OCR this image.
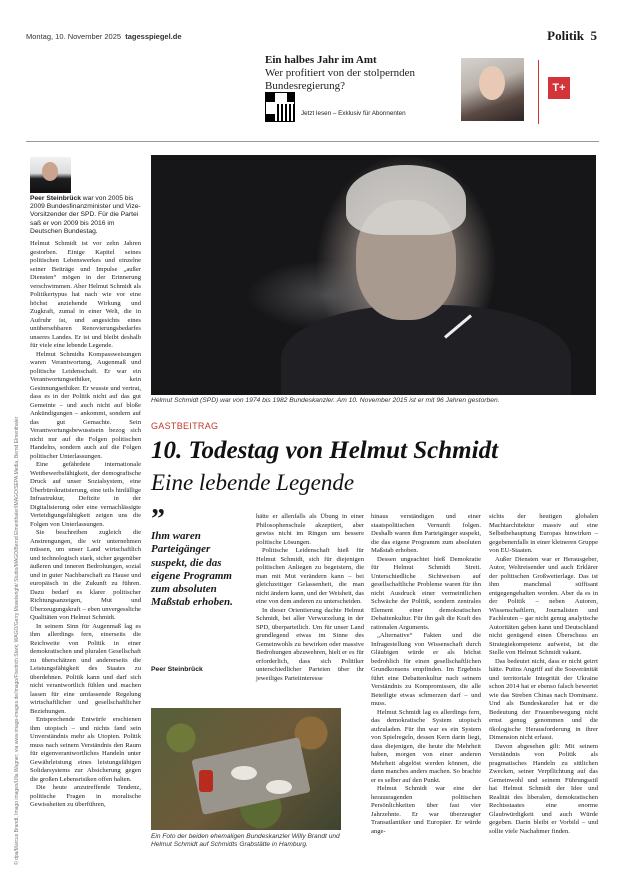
Montag, 10. November 2025 tagesspiegel.de	Politik 5
Ein halbes Jahr im Amt
Wer profitiert von der stolpernden
Bundesregierung?
Jetzt lesen – Exklusiv für Abonnenten
T+
Peer Steinbrück war von 2005 bis 2009 Bundesfinanzminister und Vize-Vorsitzender der SPD. Für die Partei saß er von 2009 bis 2016 im Deutschen Bundestag.

Helmut Schmidt ist vor zehn Jahren gestorben. Einige Kapitel seines politischen Lebenswerkes und einzelne seiner Beiträge und Impulse „außer Diensten“ mögen in der Erinnerung verschwimmen. Aber Helmut Schmidt als Politikertypus hat nach wie vor eine höchst anziehende Wirkung und Zugkraft, zumal in einer Welt, die in Aufruhr ist, und angesichts eines unübersehbaren Renovierungsbedarfes unseres Landes. Er ist und bleibt deshalb für viele eine lebende Legende.

Helmut Schmidts Kompassweisungen waren Verantwortung, Augenmaß und politische Leidenschaft. Er war ein Verantwortungsethiker, kein Gesinnungsethiker. Er wusste und vertrat, dass es in der Politik nicht auf das gut Gemeinte – und auch nicht auf bloße Ankündigungen – ankommt, sondern auf das gut Gemachte. Sein Verantwortungsbewusstsein bezog sich nicht nur auf die Folgen politischen Handelns, sondern auch auf die Folgen politischer Unterlassungen.

Eine gefährdete internationale Wettbewerbsfähigkeit, der demografische Druck auf unser Sozialsystem, eine Überbürokratisierung, eine teils hinfällige Infrastruktur, Defizite in der Digitalisierung oder eine vernachlässigte Verteidigungsfähigkeit zeigen uns die Folgen von Unterlassungen.

Sie beschreiben zugleich die Anstrengungen, die wir unternehmen müssen, um unser Land wirtschaftlich und technologisch stark, sicher gegenüber äußeren und inneren Bedrohungen, sozial und in guter Nachbarschaft zu Hause und europäisch in die Zukunft zu führen. Dazu bedarf es klarer politischer Richtungsanzeigen, Mut und Überzeugungskraft – eben unvergessliche Qualitäten von Helmut Schmidt.

In seinem Sinn für Augenmaß lag es ihm allerdings fern, einerseits die Reichweite von Politik in einer demokratischen und pluralen Gesellschaft zu überschätzen und andererseits die Leistungsfähigkeit des Staates zu überdehnen. Politik kann und darf sich nicht verantwortlich fühlen und machen lassen für eine umfassende Regelung wirtschaftlicher und gesellschaftlicher Beziehungen.

Entsprechende Entwürfe erschienen ihm utopisch – und nichts fand sein Unverständnis mehr als Utopien. Politik muss nach seinem Verständnis den Raum für eigenverantwortliches Handeln unter Gewährleistung eines leistungsfähigen Solidarsystems zur Absicherung gegen die großen Lebensrisiken offen halten.

Die heute anzutreffende Tendenz, politische Fragen in moralische Gewissheiten zu überführen,

Helmut Schmidt (SPD) war von 1974 bis 1982 Bundeskanzler. Am 10. November 2015 ist er mit 96 Jahren gestorben.
GASTBEITRAG
10. Todestag von Helmut Schmidt
Eine lebende Legende
”
Ihm waren Parteigänger suspekt, die das eigene Programm zum absoluten Maßstab erhoben.
Peer Steinbrück

hätte er allenfalls als Übung in einer Philosophenschule akzeptiert, aber gewiss nicht im Ringen um bessere politische Lösungen.

Politische Leidenschaft hieß für Helmut Schmidt, sich für diejenigen politischen Anliegen zu begeistern, die man mit Mut verändern kann – bei gleichzeitiger Gelassenheit, die man nicht ändern kann, und der Weisheit, das eine von dem anderen zu unterscheiden.

In dieser Orientierung dachte Helmut Schmidt, bei aller Verwurzelung in der SPD, überparteilich. Um für unser Land grundlegend etwas im Sinne des Gemeinwohls zu bewirken oder massive Bedrohungen abzuwehren, hielt er es für erforderlich, dass sich Politiker unterschiedlicher Parteien über ihr jeweiliges Parteiinteresse

hinaus verständigen und einer staatspolitischen Vernunft folgen. Deshalb waren ihm Parteigänger suspekt, die das eigene Programm zum absoluten Maßstab erhoben.

Dessen ungeachtet hieß Demokratie für Helmut Schmidt Streit. Unterschiedliche Sichtweisen auf gesellschaftliche Probleme waren für ihn nicht Ausdruck einer vermeintlichen Schwäche der Politik, sondern zentrales Element einer demokratischen Debattenkultur. Für ihn galt die Kraft des rationalen Arguments.

„Alternative“ Fakten und die Infragestellung von Wissenschaft durch Gläubigen würde er als höchst bedrohlich für einen gesellschaftlichen Grundkonsens empfinden. Im Ergebnis führt eine Debattenkultur nach seinem Verständnis zu Kompromissen, die alle Beteiligte etwas schmerzen darf – und muss.

Helmut Schmidt lag es allerdings fern, das demokratische System utopisch aufzuladen. Für ihn war es ein System von Spielregeln, dessen Kern darin liegt, dass diejenigen, die heute die Mehrheit haben, morgen von einer anderen Mehrheit abgelöst werden können, die dann manches anders machen. So brachte er es selber auf den Punkt.

Helmut Schmidt war eine der herausragenden politischen Persönlichkeiten über fast vier Jahrzehnte. Er war überzeugter Transatlantiker und Europäer. Er würde ange-

sichts der heutigen globalen Machtarchitektur massiv auf eine Selbstbehauptung Europas hinwirken – gegebenenfalls in einer kleineren Gruppe von EU-Staaten.

Außer Diensten war er Herausgeber, Autor, Weltreisender und auch Erklärer der politischen Großwetterlage. Das ist ihm manchmal süffisant entgegengehalten worden. Aber da es in der Politik – neben Autoren, Wissenschaftlern, Journalisten und Fachleuten – gar nicht genug analytische Autoritäten geben kann und Deutschland nicht genügend einen Überschuss an Strategiekompetenz aufweist, ist die Stelle von Helmut Schmidt vakant.

Das bedeutet nicht, dass er nicht geirrt hätte. Putins Angriff auf die Souveränität und territoriale Integrität der Ukraine schon 2014 hat er ebenso falsch bewertet wie das Streben Chinas nach Dominanz. Und als Bundeskanzler hat er die Bedeutung der Frauenbewegung nicht ernst genug genommen und die ökologische Herausforderung in ihrer Dimension nicht erfasst.

Davon abgesehen gilt: Mit seinem Verständnis von Politik als pragmatisches Handeln zu sittlichen Zwecken, seiner Verpflichtung auf das Gemeinwohl und seinem Führungsstil hat Helmut Schmidt der Idee und Realität des liberalen, demokratischen Rechtsstaates eine enorme Glaubwürdigkeit und auch Würde gegeben. Darin bleibt er Vorbild – und sollte viele Nachahmer finden.

Ein Foto der beiden ehemaligen Bundeskanzler Willy Brandt und Helmut Schmidt auf Schmidts Grabstätte in Hamburg.
© dpa/Marcus Brandt, Imago images/Ulla Wagner; via www.imago-images.de/imago/Friedrich Stark; WAGO/Gerry Moxelwright/ Studio/MAGO/Bernd Elmenthaler/IMAGO/SEPA.Media, Bernd Elmenthaler
